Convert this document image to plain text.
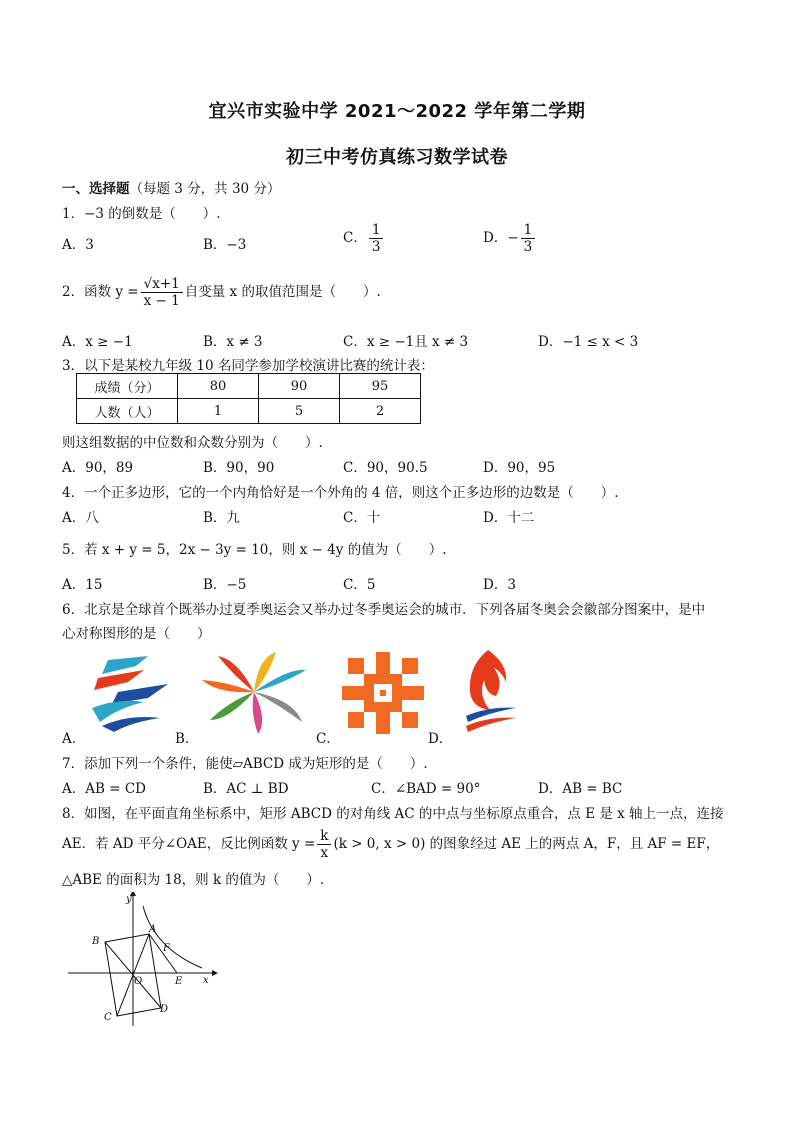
宜兴市实验中学 2021～2022 学年第二学期
初三中考仿真练习数学试卷
一、选择题（每题 3 分，共 30 分）
1．−3 的倒数是（　　）.
A．3	B．−3	C． $\frac{1}{3}$	D．− $\frac{1}{3}$
2．函数 $y = \frac{√x+1}{x - 1}$ 自变量 x 的取值范围是（　　）.
A．x ≥ −1	B．x ≠ 3	C．x ≥ −1且 x ≠ 3	D．−1 ≤ x < 3
3．以下是某校九年级 10 名同学参加学校演讲比赛的统计表：
成绩（分）	80	90	95
人数（人）	1	5	2
则这组数据的中位数和众数分别为（　　）.
A．90，89	B．90，90	C．90，90.5	D．90，95
4．一个正多边形，它的一个内角恰好是一个外角的 4 倍，则这个正多边形的边数是（　　）.
A．八	B．九	C．十	D．十二
5．若 x + y = 5，2x − 3y = 10，则 x − 4y 的值为（　　）.
A．15	B．−5	C．5	D．3
6．北京是全球首个既举办过夏季奥运会又举办过冬季奥运会的城市．下列各届冬奥会会徽部分图案中，是中
心对称图形的是（　　）
A．	B．	C．	D．
7．添加下列一个条件，能使▱ABCD 成为矩形的是（　　）.
A．AB = CD	B．AC ⊥ BD	C．∠BAD = 90°	D．AB = BC
8．如图，在平面直角坐标系中，矩形 ABCD 的对角线 AC 的中点与坐标原点重合，点 E 是 x 轴上一点，连接
AE．若 AD 平分∠OAE，反比例函数 $y = \frac{k}{x} (k > 0$, x > 0) 的图象经过 AE 上的两点 A，F，且 AF = EF，
△ABE 的面积为 18，则 k 的值为（　　）.
y
x
A
B
C
D
E
F
O
